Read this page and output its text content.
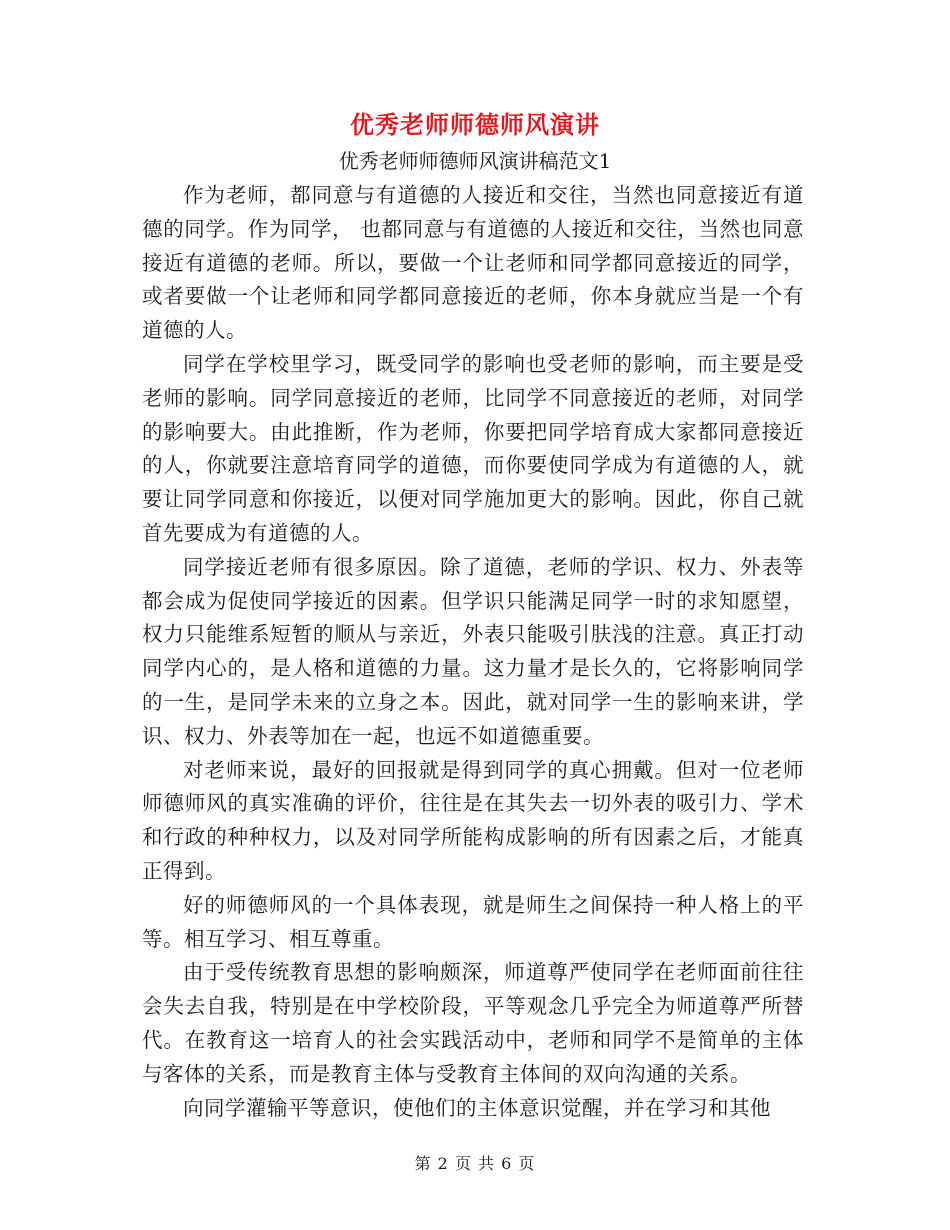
优秀老师师德师风演讲
优秀老师师德师风演讲稿范文1

作为老师，都同意与有道德的人接近和交往，当然也同意接近有道德的同学。作为同学， 也都同意与有道德的人接近和交往，当然也同意接近有道德的老师。所以，要做一个让老师和同学都同意接近的同学，或者要做一个让老师和同学都同意接近的老师，你本身就应当是一个有道德的人。

同学在学校里学习，既受同学的影响也受老师的影响，而主要是受老师的影响。同学同意接近的老师，比同学不同意接近的老师，对同学的影响要大。由此推断，作为老师，你要把同学培育成大家都同意接近的人，你就要注意培育同学的道德，而你要使同学成为有道德的人，就要让同学同意和你接近，以便对同学施加更大的影响。因此，你自己就首先要成为有道德的人。

同学接近老师有很多原因。除了道德，老师的学识、权力、外表等都会成为促使同学接近的因素。但学识只能满足同学一时的求知愿望，权力只能维系短暂的顺从与亲近，外表只能吸引肤浅的注意。真正打动同学内心的，是人格和道德的力量。这力量才是长久的，它将影响同学的一生，是同学未来的立身之本。因此，就对同学一生的影响来讲，学识、权力、外表等加在一起，也远不如道德重要。

对老师来说，最好的回报就是得到同学的真心拥戴。但对一位老师师德师风的真实准确的评价，往往是在其失去一切外表的吸引力、学术和行政的种种权力，以及对同学所能构成影响的所有因素之后，才能真正得到。

好的师德师风的一个具体表现，就是师生之间保持一种人格上的平等。相互学习、相互尊重。

由于受传统教育思想的影响颇深，师道尊严使同学在老师面前往往会失去自我，特别是在中学校阶段，平等观念几乎完全为师道尊严所替代。在教育这一培育人的社会实践活动中，老师和同学不是简单的主体与客体的关系，而是教育主体与受教育主体间的双向沟通的关系。

向同学灌输平等意识，使他们的主体意识觉醒，并在学习和其他

第 2 页 共 6 页
